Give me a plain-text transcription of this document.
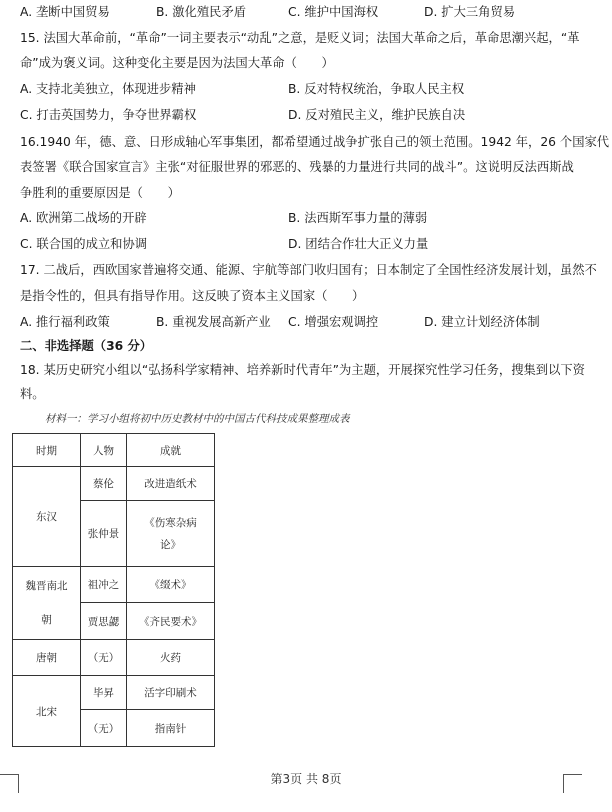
A. 垄断中国贸易	B. 激化殖民矛盾	C. 维护中国海权	D. 扩大三角贸易
15. 法国大革命前，“革命”一词主要表示“动乱”之意，是贬义词；法国大革命之后，革命思潮兴起，“革
命”成为褒义词。这种变化主要是因为法国大革命（　　）
A. 支持北美独立，体现进步精神	B. 反对特权统治，争取人民主权
C. 打击英国势力，争夺世界霸权	D. 反对殖民主义，维护民族自决
16.1940 年，德、意、日形成轴心军事集团，都希望通过战争扩张自己的领土范围。1942 年，26 个国家代
表签署《联合国家宣言》主张“对征服世界的邪恶的、残暴的力量进行共同的战斗”。这说明反法西斯战
争胜利的重要原因是（　　）
A. 欧洲第二战场的开辟	B. 法西斯军事力量的薄弱
C. 联合国的成立和协调	D. 团结合作壮大正义力量
17. 二战后，西欧国家普遍将交通、能源、宇航等部门收归国有；日本制定了全国性经济发展计划，虽然不
是指令性的，但具有指导作用。这反映了资本主义国家（　　）
A. 推行福利政策	B. 重视发展高新产业 C. 增强宏观调控	D. 建立计划经济体制
二、非选择题（36 分）
18. 某历史研究小组以“弘扬科学家精神、培养新时代青年”为主题，开展探究性学习任务，搜集到以下资
料。
材料一：学习小组将初中历史教材中的中国古代科技成果整理成表
时期	人物	成就
东汉	蔡伦	改进造纸术
	张仲景	《伤寒杂病论》
魏晋南北朝	祖冲之	《缀术》
	贾思勰	《齐民要术》
唐朝	（无）	火药
北宋	毕昇	活字印刷术
	（无）	指南针
第3页 共 8页
